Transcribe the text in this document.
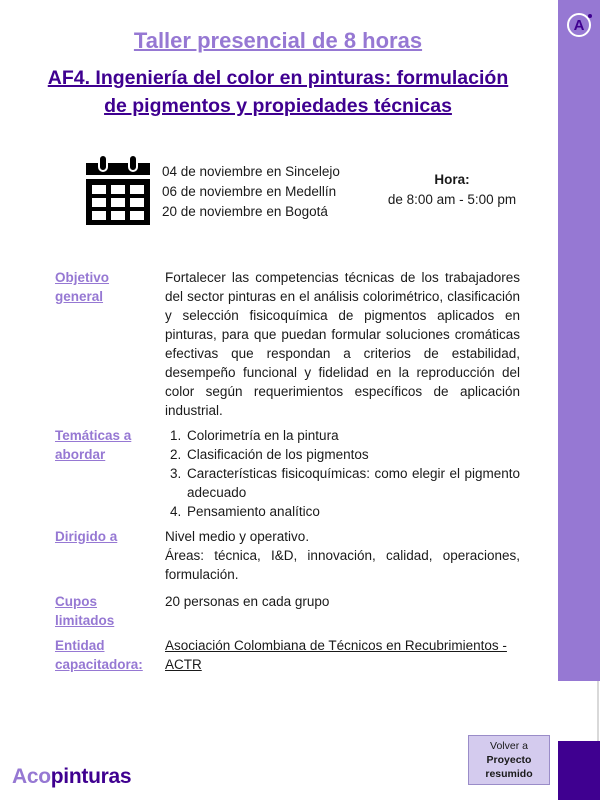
A
Taller presencial de 8 horas
AF4. Ingeniería del color en pinturas: formulación
de pigmentos y propiedades técnicas
04 de noviembre en Sincelejo
06 de noviembre en Medellín
20 de noviembre en Bogotá
Hora:
de 8:00 am - 5:00 pm
Objetivo
general
Fortalecer las competencias técnicas de los trabajadores del sector pinturas en el análisis colorimétrico, clasificación y selección fisicoquímica de pigmentos aplicados en pinturas, para que puedan formular soluciones cromáticas efectivas que respondan a criterios de estabilidad, desempeño funcional y fidelidad en la reproducción del color según requerimientos específicos de aplicación industrial.
Temáticas a
abordar
1. Colorimetría en la pintura
2. Clasificación de los pigmentos
3. Características fisicoquímicas: como elegir el pigmento adecuado
4. Pensamiento analítico
Dirigido a	Nivel medio y operativo.
Áreas: técnica, I&D, innovación, calidad, operaciones, formulación.
Cupos
limitados
20 personas en cada grupo
Entidad
capacitadora:
Asociación Colombiana de Técnicos en Recubrimientos - ACTR
Acopinturas
Volver a
Proyecto
resumido
